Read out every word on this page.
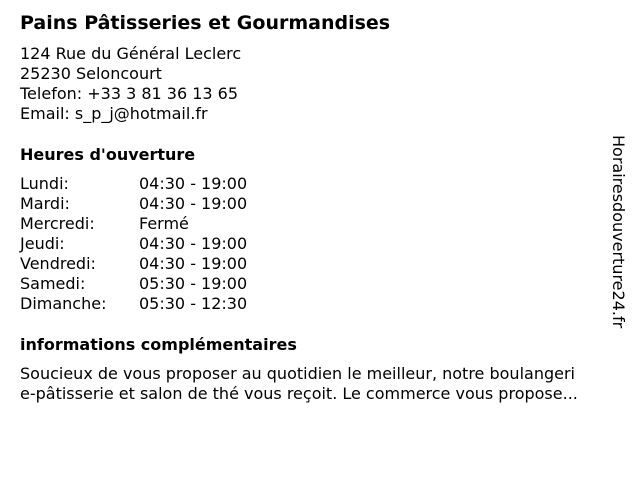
Pains Pâtisseries et Gourmandises
124 Rue du Général Leclerc
25230 Seloncourt
Telefon: +33 3 81 36 13 65
Email: s_p_j@hotmail.fr
Heures d'ouverture
Lundi:	04:30 - 19:00
Mardi:	04:30 - 19:00
Mercredi:	Fermé
Jeudi:	04:30 - 19:00
Vendredi:	04:30 - 19:00
Samedi:	05:30 - 19:00
Dimanche:	05:30 - 12:30
informations complémentaires
Soucieux de vous proposer au quotidien le meilleur, notre boulangeri
e-pâtisserie et salon de thé vous reçoit. Le commerce vous propose...
Horairesdouverture24.fr
